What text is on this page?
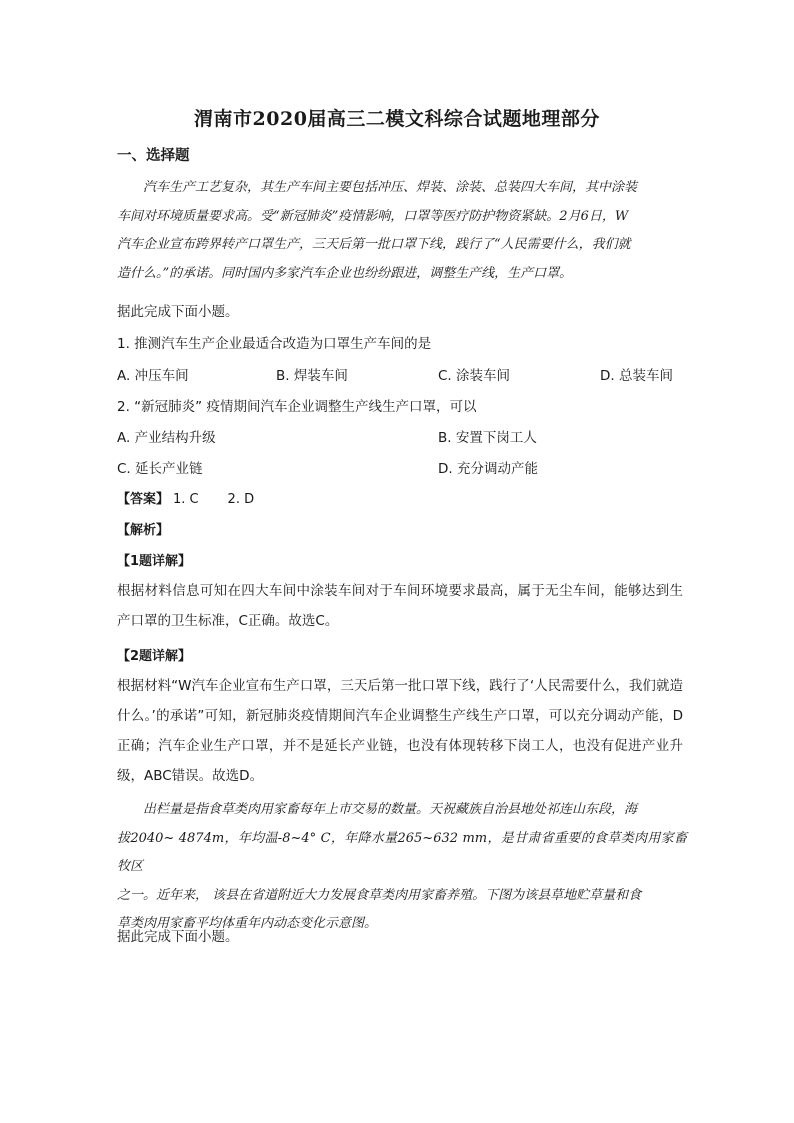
渭南市2020届高三二模文科综合试题地理部分
一、选择题
汽车生产工艺复杂，其生产车间主要包括冲压、焊装、涂装、总装四大车间，其中涂装
车间对环境质量要求高。受“新冠肺炎”疫情影响，口罩等医疗防护物资紧缺。2月6日，W
汽车企业宣布跨界转产口罩生产，三天后第一批口罩下线，践行了“人民需要什么，我们就
造什么。”的承诺。同时国内多家汽车企业也纷纷跟进，调整生产线，生产口罩。
据此完成下面小题。
1. 推测汽车生产企业最适合改造为口罩生产车间的是
A. 冲压车间	B. 焊装车间	C. 涂装车间	D. 总装车间
2. “新冠肺炎” 疫情期间汽车企业调整生产线生产口罩，可以
A. 产业结构升级	B. 安置下岗工人
C. 延长产业链	D. 充分调动产能
【答案】 1. C       2. D
【解析】
【1题详解】
根据材料信息可知在四大车间中涂装车间对于车间环境要求最高，属于无尘车间，能够达到生产口罩的卫生标准，C正确。故选C。
【2题详解】
根据材料“W汽车企业宣布生产口罩，三天后第一批口罩下线，践行了‘人民需要什么，我们就造什么。’的承诺”可知，新冠肺炎疫情期间汽车企业调整生产线生产口罩，可以充分调动产能，D正确；汽车企业生产口罩，并不是延长产业链，也没有体现转移下岗工人，也没有促进产业升级，ABC错误。故选D。
出栏量是指食草类肉用家畜每年上市交易的数量。天祝藏族自治县地处祁连山东段，海
拔2040~ 4874m，年均温-8~4° C，年降水量265~632 mm，是甘肃省重要的食草类肉用家畜牧区
之一。近年来， 该县在省道附近大力发展食草类肉用家畜养殖。下图为该县草地贮草量和食
草类肉用家畜平均体重年内动态变化示意图。
据此完成下面小题。
